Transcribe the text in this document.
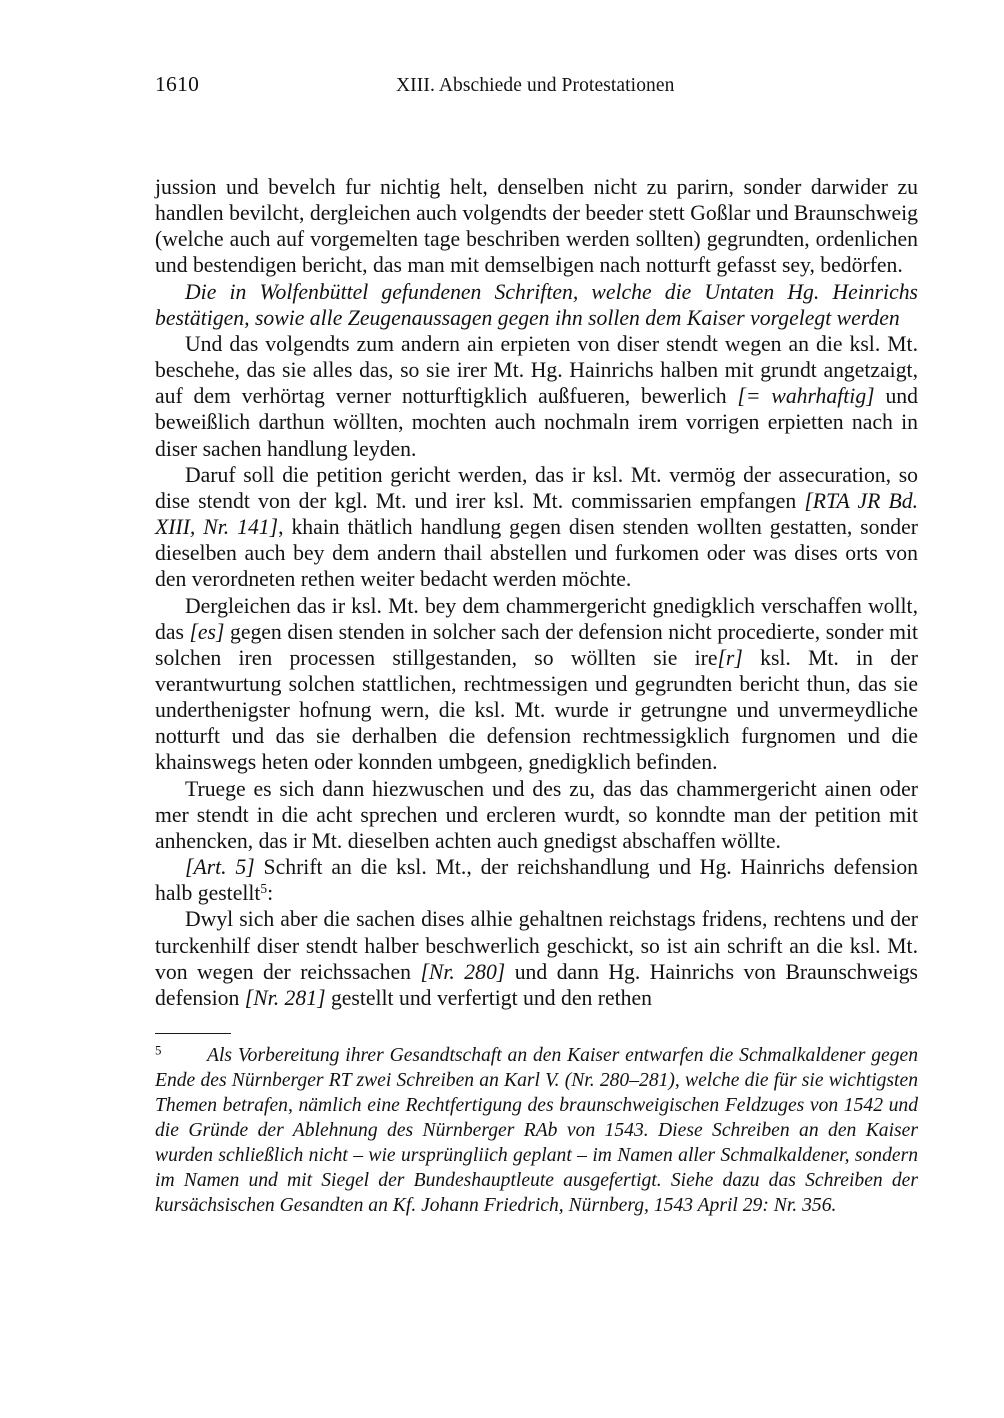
1610	XIII. Abschiede und Protestationen

jussion und bevelch fur nichtig helt, denselben nicht zu parirn, sonder darwider zu handlen bevilcht, dergleichen auch volgendts der beeder stett Goßlar und Braunschweig (welche auch auf vorgemelten tage beschriben werden sollten) gegrundten, ordenlichen und bestendigen bericht, das man mit demselbigen nach notturft gefasst sey, bedörfen.

Die in Wolfenbüttel gefundenen Schriften, welche die Untaten Hg. Heinrichs bestätigen, sowie alle Zeugenaussagen gegen ihn sollen dem Kaiser vorgelegt werden

Und das volgendts zum andern ain erpieten von diser stendt wegen an die ksl. Mt. beschehe, das sie alles das, so sie irer Mt. Hg. Hainrichs halben mit grundt angetzaigt, auf dem verhörtag verner notturftigklich außfueren, bewerlich [= wahrhaftig] und beweißlich darthun wöllten, mochten auch nochmaln irem vorrigen erpietten nach in diser sachen handlung leyden.

Daruf soll die petition gericht werden, das ir ksl. Mt. vermög der assecuration, so dise stendt von der kgl. Mt. und irer ksl. Mt. commissarien empfangen [RTA JR Bd. XIII, Nr. 141], khain thätlich handlung gegen disen stenden wollten gestatten, sonder dieselben auch bey dem andern thail abstellen und furkomen oder was dises orts von den verordneten rethen weiter bedacht werden möchte.

Dergleichen das ir ksl. Mt. bey dem chammergericht gnedigklich verschaffen wollt, das [es] gegen disen stenden in solcher sach der defension nicht procedierte, sonder mit solchen iren processen stillgestanden, so wöllten sie ire[r] ksl. Mt. in der verantwurtung solchen stattlichen, rechtmessigen und gegrundten bericht thun, das sie underthenigster hofnung wern, die ksl. Mt. wurde ir getrungne und unvermeydliche notturft und das sie derhalben die defension rechtmessigklich furgnomen und die khainswegs heten oder konnden umbgeen, gnedigklich befinden.

Truege es sich dann hiezwuschen und des zu, das das chammergericht ainen oder mer stendt in die acht sprechen und ercleren wurdt, so konndte man der petition mit anhencken, das ir Mt. dieselben achten auch gnedigst abschaffen wöllte.

[Art. 5] Schrift an die ksl. Mt., der reichshandlung und Hg. Hainrichs defension halb gestellt$^5$:

Dwyl sich aber die sachen dises alhie gehaltnen reichstags fridens, rechtens und der turckenhilf diser stendt halber beschwerlich geschickt, so ist ain schrift an die ksl. Mt. von wegen der reichssachen [Nr. 280] und dann Hg. Hainrichs von Braunschweigs defension [Nr. 281] gestellt und verfertigt und den rethen

$^5$ Als Vorbereitung ihrer Gesandtschaft an den Kaiser entwarfen die Schmalkaldener gegen Ende des Nürnberger RT zwei Schreiben an Karl V. (Nr. 280–281), welche die für sie wichtigsten Themen betrafen, nämlich eine Rechtfertigung des braunschweigischen Feldzuges von 1542 und die Gründe der Ablehnung des Nürnberger RAb von 1543. Diese Schreiben an den Kaiser wurden schließlich nicht – wie ursprüngliich geplant – im Namen aller Schmalkaldener, sondern im Namen und mit Siegel der Bundeshauptleute ausgefertigt. Siehe dazu das Schreiben der kursächsischen Gesandten an Kf. Johann Friedrich, Nürnberg, 1543 April 29: Nr. 356.
